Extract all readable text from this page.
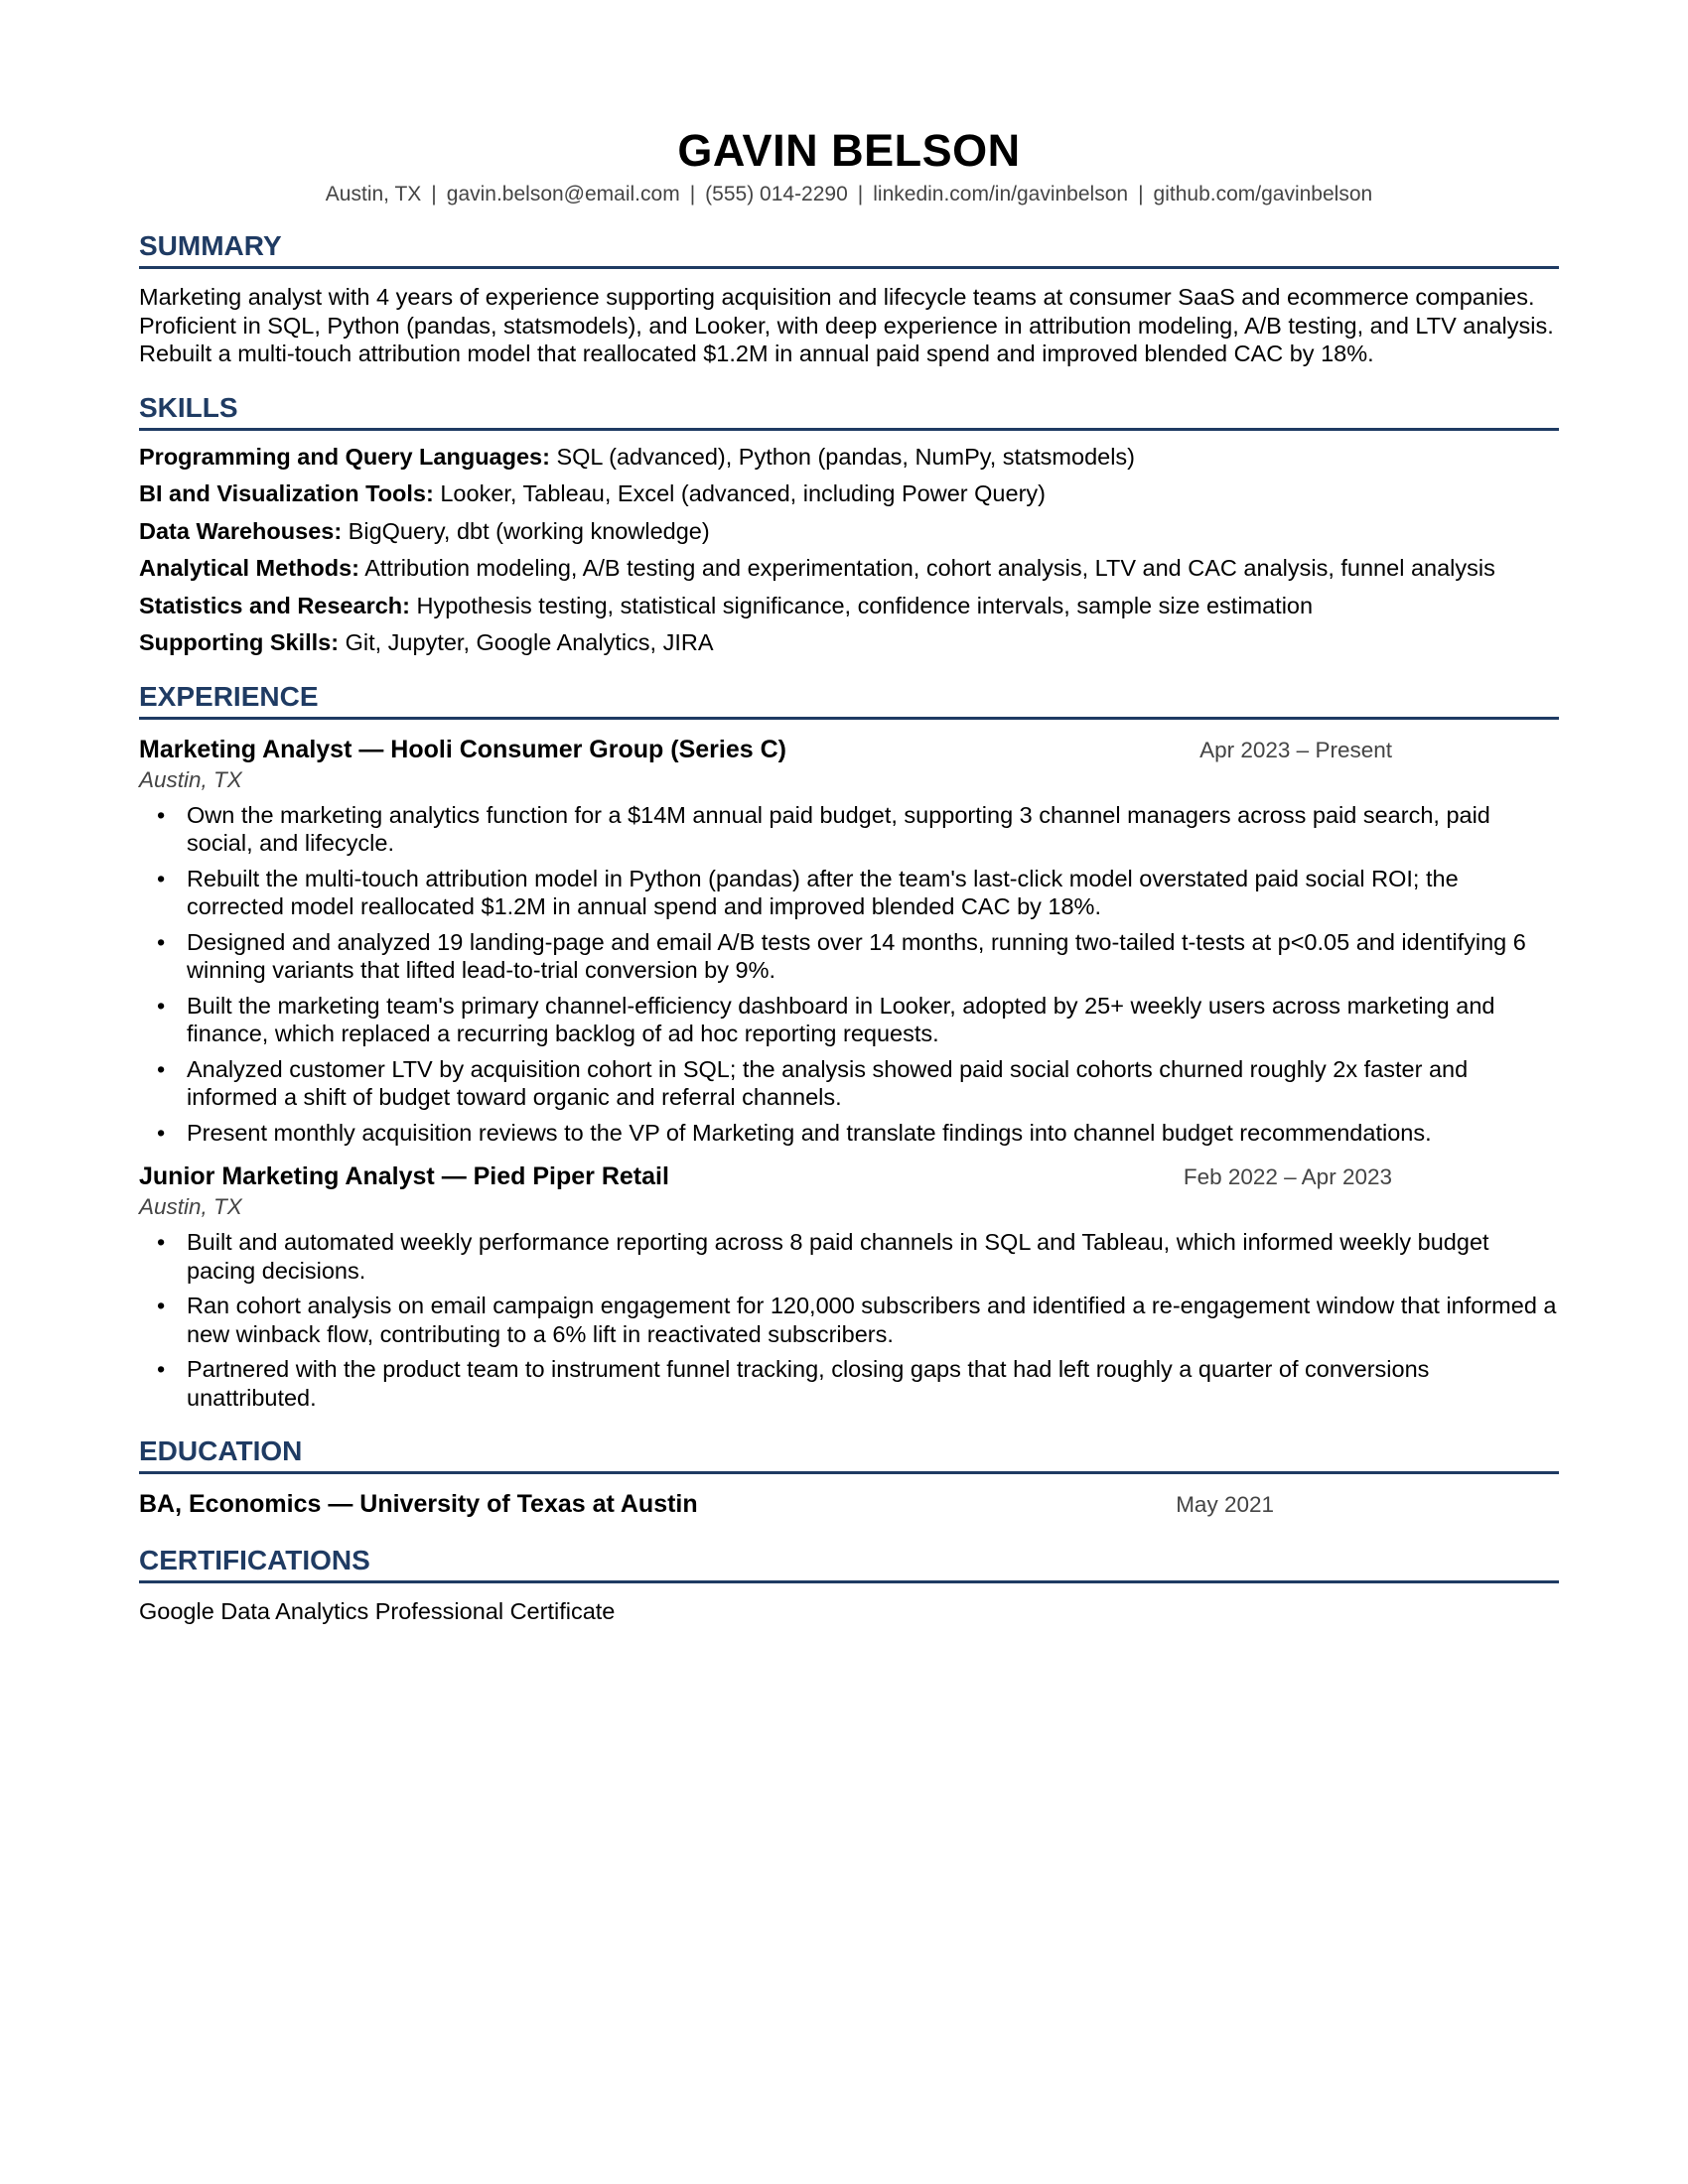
GAVIN BELSON
Austin, TX | gavin.belson@email.com | (555) 014-2290 | linkedin.com/in/gavinbelson | github.com/gavinbelson
SUMMARY
Marketing analyst with 4 years of experience supporting acquisition and lifecycle teams at consumer SaaS and ecommerce companies. Proficient in SQL, Python (pandas, statsmodels), and Looker, with deep experience in attribution modeling, A/B testing, and LTV analysis. Rebuilt a multi-touch attribution model that reallocated $1.2M in annual paid spend and improved blended CAC by 18%.
SKILLS
Programming and Query Languages: SQL (advanced), Python (pandas, NumPy, statsmodels)
BI and Visualization Tools: Looker, Tableau, Excel (advanced, including Power Query)
Data Warehouses: BigQuery, dbt (working knowledge)
Analytical Methods: Attribution modeling, A/B testing and experimentation, cohort analysis, LTV and CAC analysis, funnel analysis
Statistics and Research: Hypothesis testing, statistical significance, confidence intervals, sample size estimation
Supporting Skills: Git, Jupyter, Google Analytics, JIRA
EXPERIENCE
Marketing Analyst — Hooli Consumer Group (Series C)	Apr 2023 – Present
Austin, TX
• Own the marketing analytics function for a $14M annual paid budget, supporting 3 channel managers across paid search, paid social, and lifecycle.
• Rebuilt the multi-touch attribution model in Python (pandas) after the team's last-click model overstated paid social ROI; the corrected model reallocated $1.2M in annual spend and improved blended CAC by 18%.
• Designed and analyzed 19 landing-page and email A/B tests over 14 months, running two-tailed t-tests at p<0.05 and identifying 6 winning variants that lifted lead-to-trial conversion by 9%.
• Built the marketing team's primary channel-efficiency dashboard in Looker, adopted by 25+ weekly users across marketing and finance, which replaced a recurring backlog of ad hoc reporting requests.
• Analyzed customer LTV by acquisition cohort in SQL; the analysis showed paid social cohorts churned roughly 2x faster and informed a shift of budget toward organic and referral channels.
• Present monthly acquisition reviews to the VP of Marketing and translate findings into channel budget recommendations.
Junior Marketing Analyst — Pied Piper Retail	Feb 2022 – Apr 2023
Austin, TX
• Built and automated weekly performance reporting across 8 paid channels in SQL and Tableau, which informed weekly budget pacing decisions.
• Ran cohort analysis on email campaign engagement for 120,000 subscribers and identified a re-engagement window that informed a new winback flow, contributing to a 6% lift in reactivated subscribers.
• Partnered with the product team to instrument funnel tracking, closing gaps that had left roughly a quarter of conversions unattributed.
EDUCATION
BA, Economics — University of Texas at Austin	May 2021
CERTIFICATIONS
Google Data Analytics Professional Certificate
